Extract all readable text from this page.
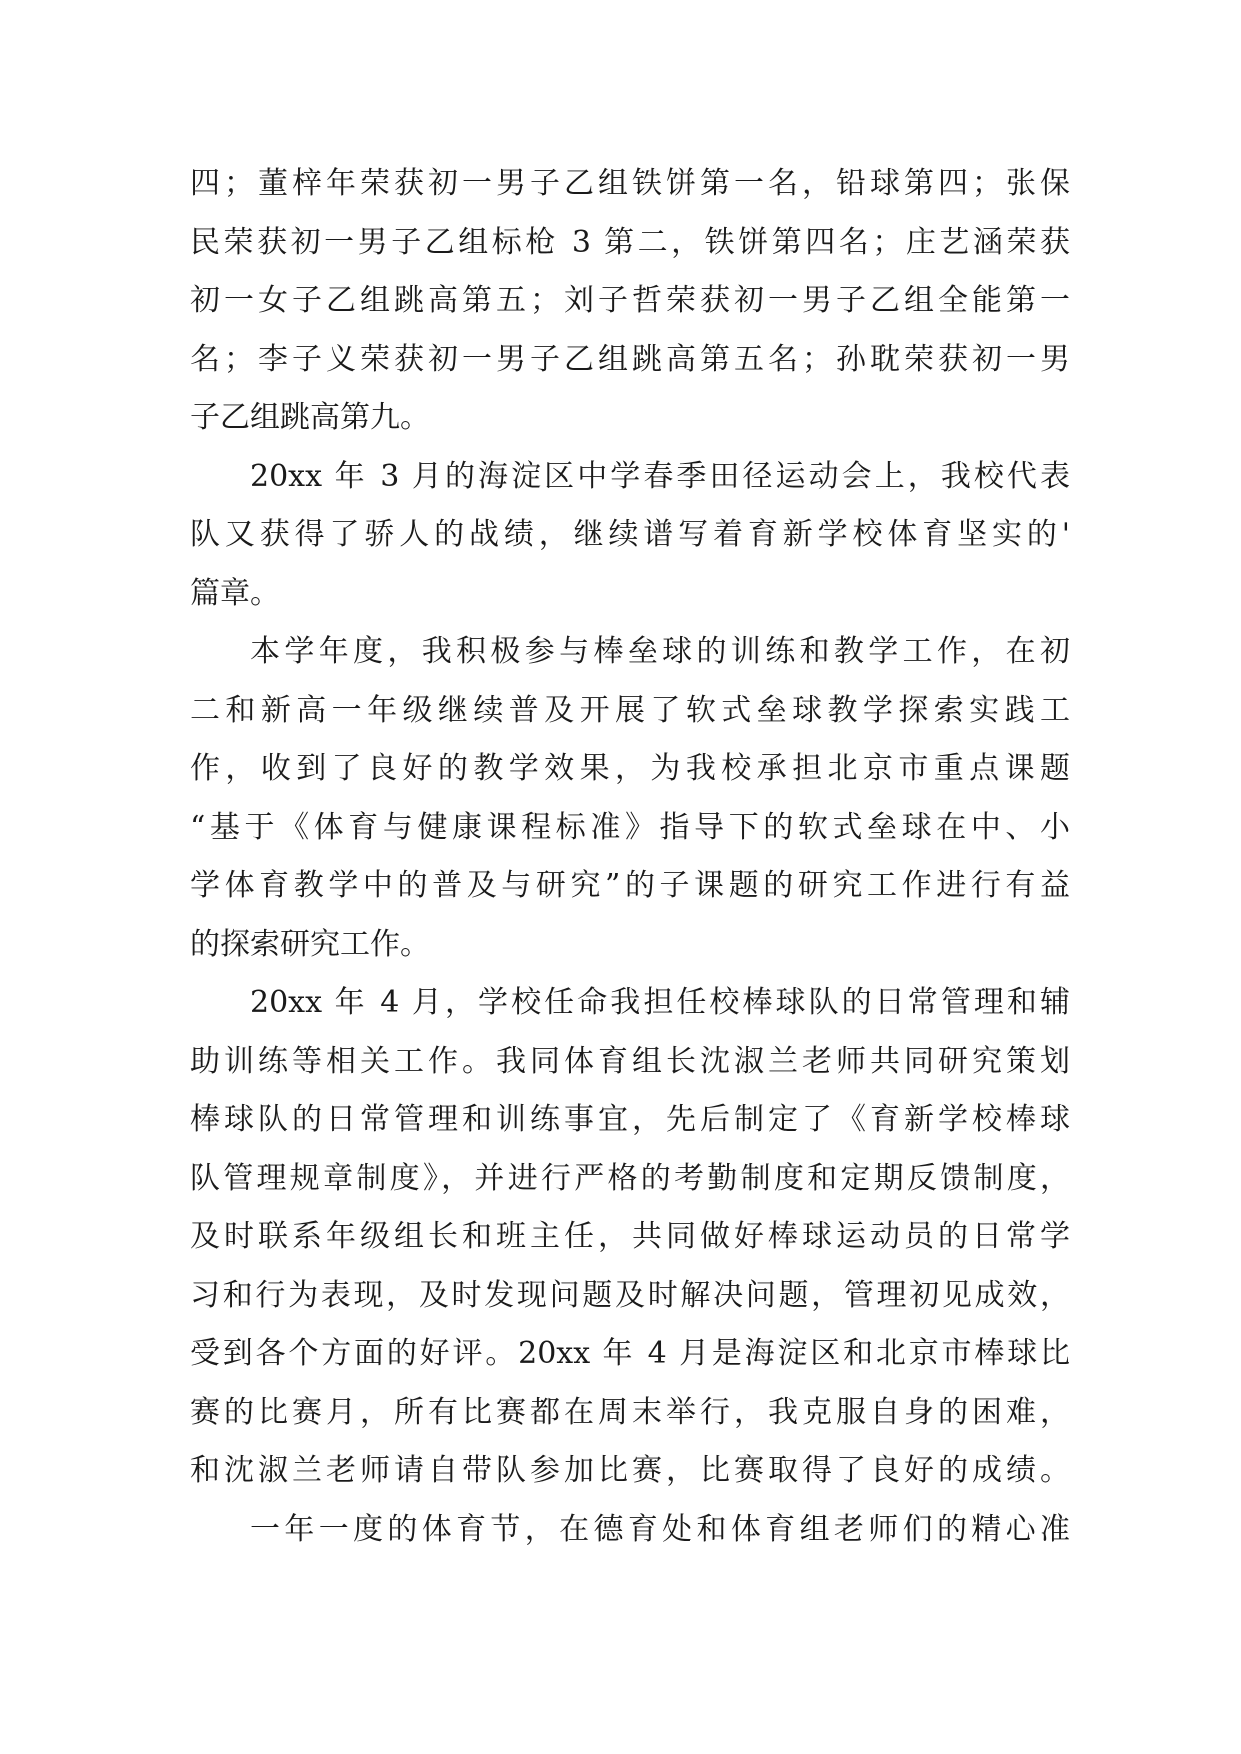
四；董梓年荣获初一男子乙组铁饼第一名，铅球第四；张保
民荣获初一男子乙组标枪 3 第二，铁饼第四名；庄艺涵荣获
初一女子乙组跳高第五；刘子哲荣获初一男子乙组全能第一
名；李子义荣获初一男子乙组跳高第五名；孙耽荣获初一男
子乙组跳高第九。
20xx 年 3 月的海淀区中学春季田径运动会上，我校代表
队又获得了骄人的战绩，继续谱写着育新学校体育坚实的'
篇章。
本学年度，我积极参与棒垒球的训练和教学工作，在初
二和新高一年级继续普及开展了软式垒球教学探索实践工
作，收到了良好的教学效果，为我校承担北京市重点课题
“基于《体育与健康课程标准》指导下的软式垒球在中、小
学体育教学中的普及与研究”的子课题的研究工作进行有益
的探索研究工作。
20xx 年 4 月，学校任命我担任校棒球队的日常管理和辅
助训练等相关工作。我同体育组长沈淑兰老师共同研究策划
棒球队的日常管理和训练事宜，先后制定了《育新学校棒球
队管理规章制度》，并进行严格的考勤制度和定期反馈制度，
及时联系年级组长和班主任，共同做好棒球运动员的日常学
习和行为表现，及时发现问题及时解决问题，管理初见成效，
受到各个方面的好评。20xx 年 4 月是海淀区和北京市棒球比
赛的比赛月，所有比赛都在周末举行，我克服自身的困难，
和沈淑兰老师请自带队参加比赛，比赛取得了良好的成绩。
一年一度的体育节，在德育处和体育组老师们的精心准
